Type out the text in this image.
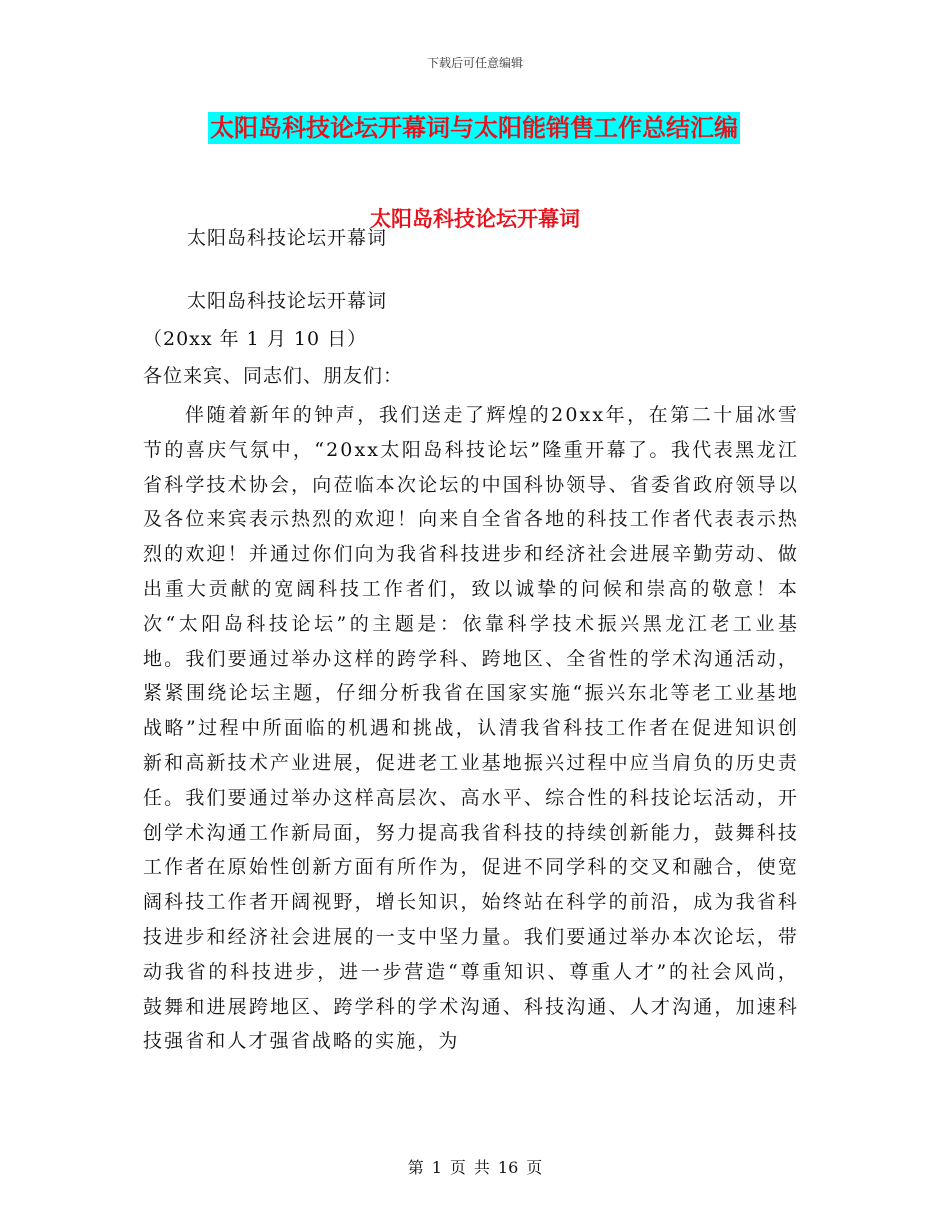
下载后可任意编辑
太阳岛科技论坛开幕词与太阳能销售工作总结汇编
太阳岛科技论坛开幕词
太阳岛科技论坛开幕词
太阳岛科技论坛开幕词
（20xx 年 1 月 10 日）
各位来宾、同志们、朋友们：
伴随着新年的钟声，我们送走了辉煌的20xx年，在第二十届冰雪节的喜庆气氛中，“20xx太阳岛科技论坛”隆重开幕了。我代表黑龙江省科学技术协会，向莅临本次论坛的中国科协领导、省委省政府领导以及各位来宾表示热烈的欢迎！向来自全省各地的科技工作者代表表示热烈的欢迎！并通过你们向为我省科技进步和经济社会进展辛勤劳动、做出重大贡献的宽阔科技工作者们，致以诚挚的问候和崇高的敬意！本次“太阳岛科技论坛”的主题是：依靠科学技术振兴黑龙江老工业基地。我们要通过举办这样的跨学科、跨地区、全省性的学术沟通活动，紧紧围绕论坛主题，仔细分析我省在国家实施“振兴东北等老工业基地战略”过程中所面临的机遇和挑战，认清我省科技工作者在促进知识创新和高新技术产业进展，促进老工业基地振兴过程中应当肩负的历史责任。我们要通过举办这样高层次、高水平、综合性的科技论坛活动，开创学术沟通工作新局面，努力提高我省科技的持续创新能力，鼓舞科技工作者在原始性创新方面有所作为，促进不同学科的交叉和融合，使宽阔科技工作者开阔视野，增长知识，始终站在科学的前沿，成为我省科技进步和经济社会进展的一支中坚力量。我们要通过举办本次论坛，带动我省的科技进步，进一步营造“尊重知识、尊重人才”的社会风尚，鼓舞和进展跨地区、跨学科的学术沟通、科技沟通、人才沟通，加速科技强省和人才强省战略的实施，为
第 1 页 共 16 页
